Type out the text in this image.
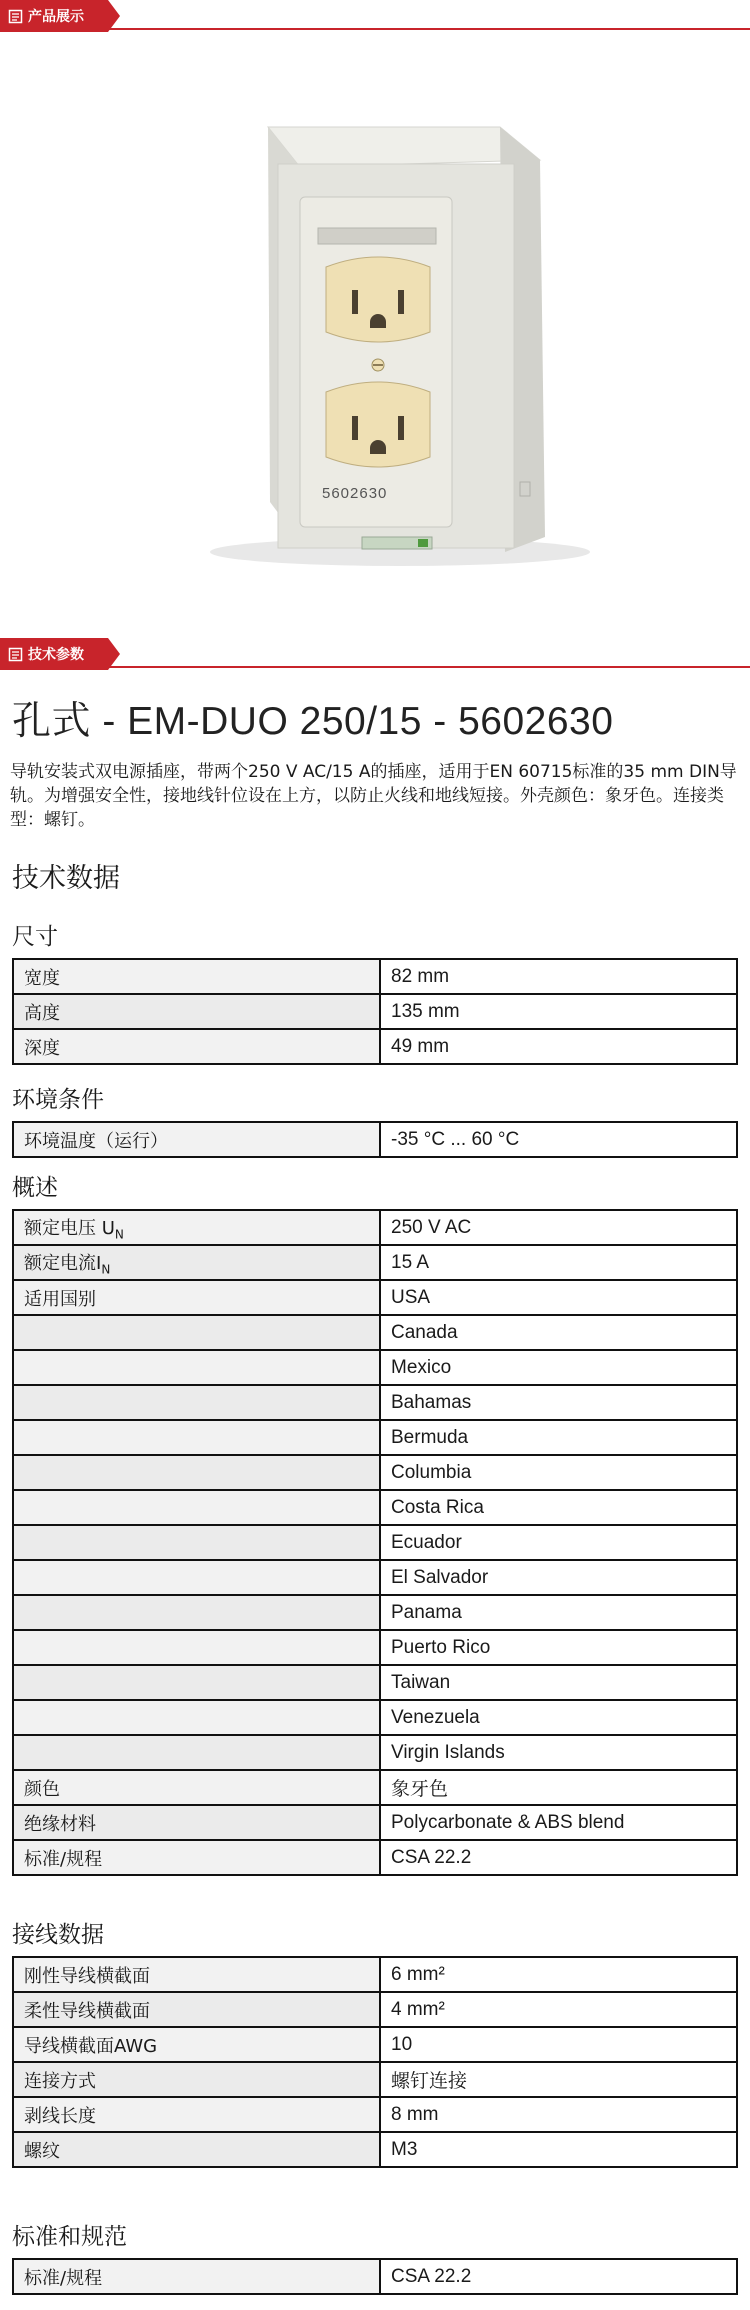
产品展示
5602630
技术参数
孔式 - EM-DUO 250/15 - 5602630
导轨安装式双电源插座，带两个250 V AC/15 A的插座，适用于EN 60715标准的35 mm DIN导轨。为增强安全性，接地线针位设在上方，以防止火线和地线短接。外壳颜色：象牙色。连接类型：螺钉。
技术数据
尺寸
宽度	82 mm
高度	135 mm
深度	49 mm
环境条件
环境温度（运行）	-35 °C ... 60 °C
概述
额定电压 $U_N$	250 V AC
额定电流$I_N$	15 A
适用国别	USA
	Canada
	Mexico
	Bahamas
	Bermuda
	Columbia
	Costa Rica
	Ecuador
	El Salvador
	Panama
	Puerto Rico
	Taiwan
	Venezuela
	Virgin Islands
颜色	象牙色
绝缘材料	Polycarbonate & ABS blend
标准/规程	CSA 22.2
接线数据
刚性导线横截面	6 mm²
柔性导线横截面	4 mm²
导线横截面AWG	10
连接方式	螺钉连接
剥线长度	8 mm
螺纹	M3
标准和规范
标准/规程	CSA 22.2
